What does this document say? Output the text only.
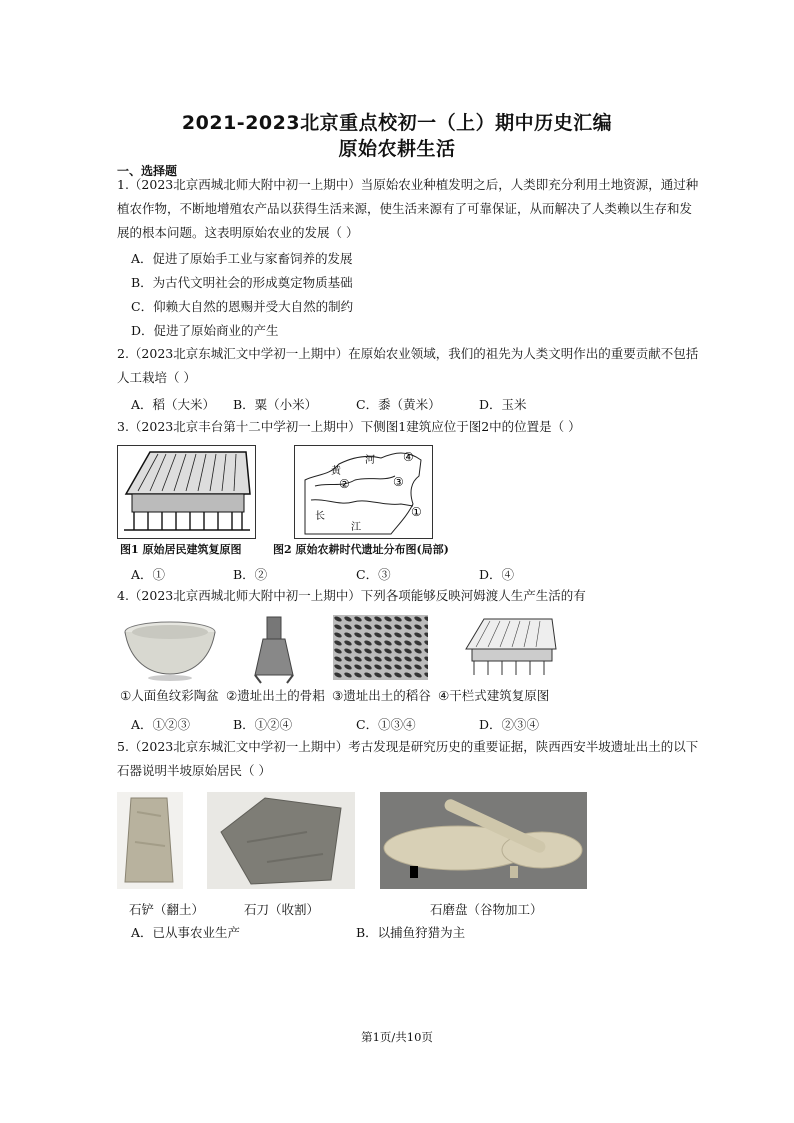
2021-2023北京重点校初一（上）期中历史汇编
原始农耕生活
一、选择题
1.（2023北京西城北师大附中初一上期中）当原始农业种植发明之后，人类即充分利用土地资源，通过种
植农作物，不断地增殖农产品以获得生活来源，使生活来源有了可靠保证，从而解决了人类赖以生存和发
展的根本问题。这表明原始农业的发展（ ）
A．促进了原始手工业与家畜饲养的发展
B．为古代文明社会的形成奠定物质基础
C．仰赖大自然的恩赐并受大自然的制约
D．促进了原始商业的产生
2.（2023北京东城汇文中学初一上期中）在原始农业领域，我们的祖先为人类文明作出的重要贡献不包括
人工栽培（ ）
A．稻（大米） B．粟（小米）	C．黍（黄米）	D．玉米
3.（2023北京丰台第十二中学初一上期中）下侧图1建筑应位于图2中的位置是（ ）
黄
河
长
江
②	③
①
④
图1 原始居民建筑复原图	图2 原始农耕时代遗址分布图(局部)
A．①	B．②	C．③	D．④
4.（2023北京西城北师大附中初一上期中）下列各项能够反映河姆渡人生产生活的有
①人面鱼纹彩陶盆 ②遗址出土的骨耜 ③遗址出土的稻谷 ④干栏式建筑复原图
A．①②③	B．①②④	C．①③④	D．②③④
5.（2023北京东城汇文中学初一上期中）考古发现是研究历史的重要证据，陕西西安半坡遗址出土的以下
石器说明半坡原始居民（ ）
石铲（翻土）	石刀（收割）	石磨盘（谷物加工）
A．已从事农业生产	B．以捕鱼狩猎为主
第1页/共10页
